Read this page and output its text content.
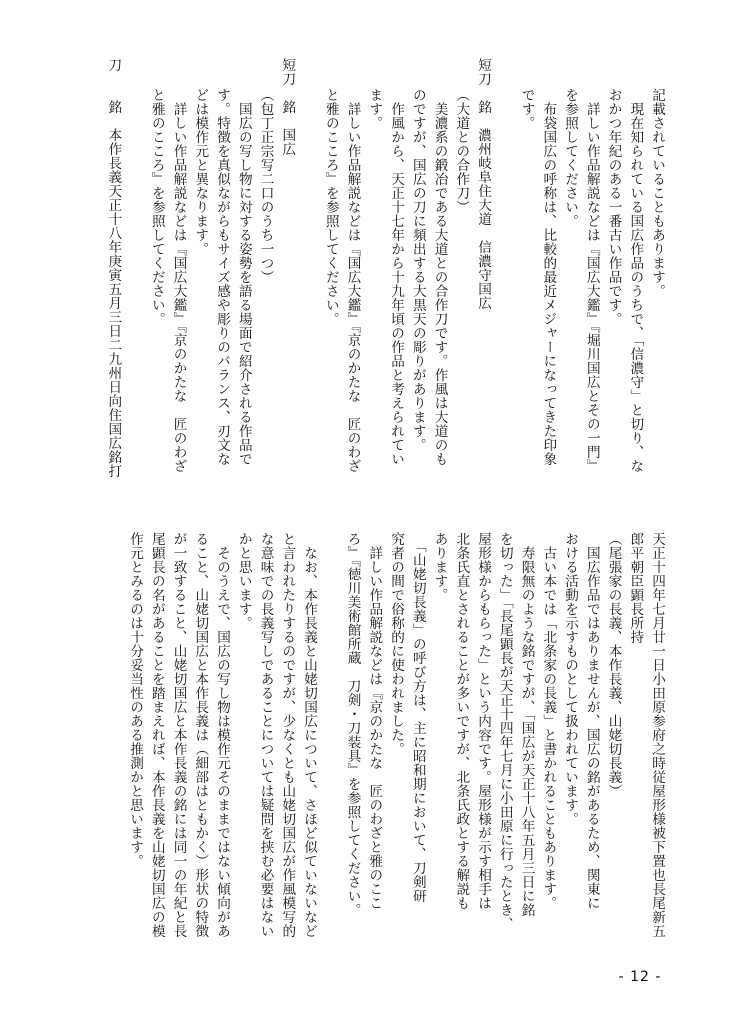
記載されていることもあります。
　現在知られている国広作品のうちで、「信濃守」と切り、な
おかつ年紀のある一番古い作品です。
　詳しい作品解説などは『国広大鑑』『堀川国広とその一門』
を参照してください。
　布袋国広の呼称は、比較的最近メジャーになってきた印象
です。
短刀　銘　濃州岐阜住大道　信濃守国広
（大道との合作刀）
　美濃系の鍛冶である大道との合作刀です。作風は大道のも
のですが、国広の刀に頻出する大黒天の彫りがあります。
　作風から、天正十七年から十九年頃の作品と考えられてい
ます。
　詳しい作品解説などは『国広大鑑』『京のかたな　匠のわざ
と雅のこころ』を参照してください。
短刀　銘　国広
（包丁正宗写二口のうち一つ）
　国広の写し物に対する姿勢を語る場面で紹介される作品で
す。特徴を真似ながらもサイズ感や彫りのバランス、刃文な
どは模作元と異なります。
　詳しい作品解説などは『国広大鑑』『京のかたな　匠のわざ
と雅のこころ』を参照してください。
刀　　銘　本作長義天正十八年庚寅五月三日二九州日向住国広銘打
天正十四年七月廿一日小田原参府之時従屋形様被下置也長尾新五
郎平朝臣顕長所持
（尾張家の長義、本作長義、山姥切長義）
　国広作品ではありませんが、国広の銘があるため、関東に
おける活動を示すものとして扱われています。
　古い本では「北条家の長義」と書かれることもあります。
　寿限無のような銘ですが、「国広が天正十八年五月三日に銘
を切った」「長尾顕長が天正十四年七月に小田原に行ったとき、
屋形様からもらった」という内容です。屋形様が示す相手は
北条氏直とされることが多いですが、北条氏政とする解説も
あります。
　「山姥切長義」の呼び方は、主に昭和期において、刀剣研
究者の間で俗称的に使われました。
　詳しい作品解説などは『京のかたな　匠のわざと雅のここ
ろ』『徳川美術館所蔵　刀剣・刀装具』を参照してください。
　なお、本作長義と山姥切国広について、さほど似ていないなど
と言われたりするのですが、少なくとも山姥切国広が作風模写的
な意味での長義写しであることについては疑問を挟む必要はない
かと思います。
　そのうえで、国広の写し物は模作元そのままではない傾向があ
ること、山姥切国広と本作長義は（細部はともかく）形状の特徴
が一致すること、山姥切国広と本作長義の銘には同一の年紀と長
尾顕長の名があることを踏まえれば、本作長義を山姥切国広の模
作元とみるのは十分妥当性のある推測かと思います。
- 12 -
